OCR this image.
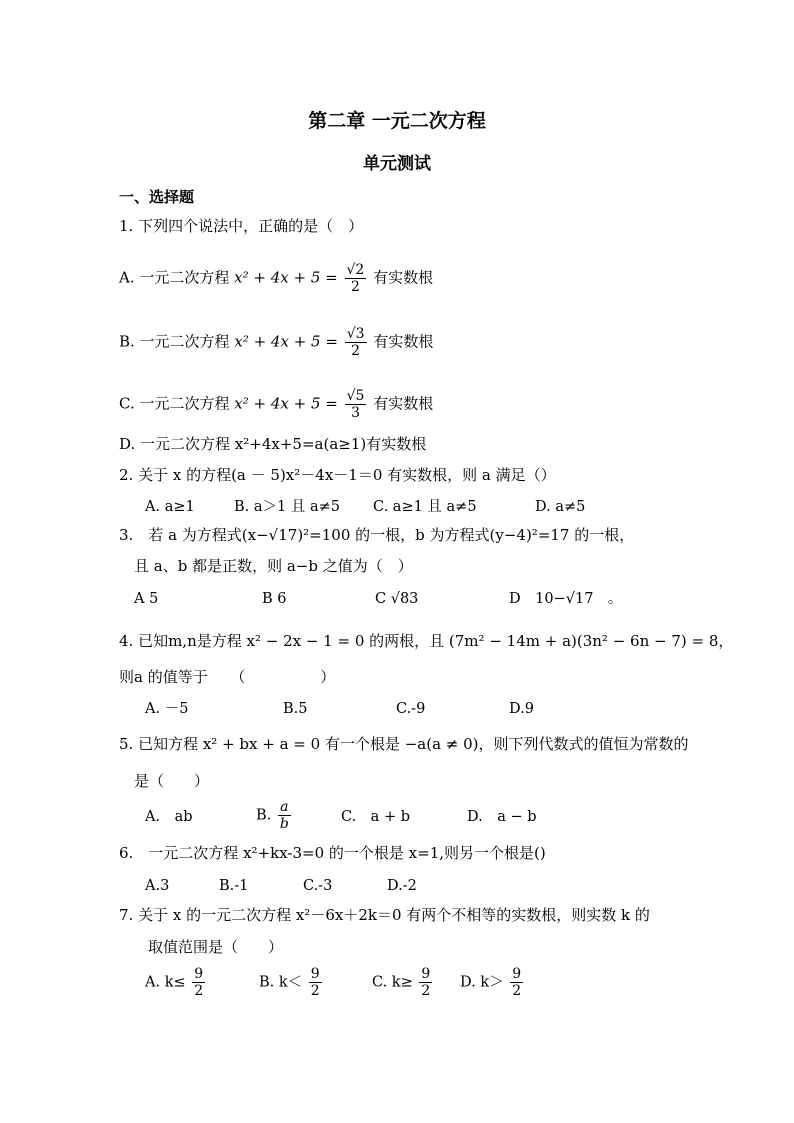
第二章 一元二次方程
单元测试
一、选择题
1. 下列四个说法中，正确的是（　）
A. 一元二次方程 $x^2 + 4x + 5 = \frac{√2}{2}$ 有实数根
B. 一元二次方程 $x^2 + 4x + 5 = \frac{√3}{2}$ 有实数根
C. 一元二次方程 $x^2 + 4x + 5 = \frac{√5}{3}$ 有实数根
D. 一元二次方程 x²+4x+5=a(a≥1)有实数根
2. 关于 x 的方程(a － 5)x²－4x－1＝0 有实数根，则 a 满足（）
A. a≥1	B. a＞1 且 a≠5 C. a≥1 且 a≠5	D. a≠5
3.　若 a 为方程式(x−√17)²=100 的一根，b 为方程式(y−4)²=17 的一根，
且 a、b 都是正数，则 a−b 之值为（　）
A 5	B 6	C √83	D　10−√17　。
4. 已知m,n是方程 x² − 2x − 1 = 0 的两根，且 (7m² − 14m + a)(3n² − 6n − 7) = 8，
则a 的值等于　　（　　　　　）
A. －5	B.5	C.-9	D.9
5. 已知方程 x² + bx + a = 0 有一个根是 −a(a ≠ 0)，则下列代数式的值恒为常数的
是（　　）
A.　ab	B. $\frac{a}{b}$	C.　a + b	D.　a − b
6.　一元二次方程 x²+kx-3=0 的一个根是 x=1,则另一个根是()
A.3	B.-1	C.-3	D.-2
7. 关于 x 的一元二次方程 x²－6x＋2k＝0 有两个不相等的实数根，则实数 k 的
取值范围是（　　）
A. $k\le \frac{9}{2}$	B. $k< \frac{9}{2}$	C. $k\ge \frac{9}{2} D$. $k> \frac{9}{2}$
